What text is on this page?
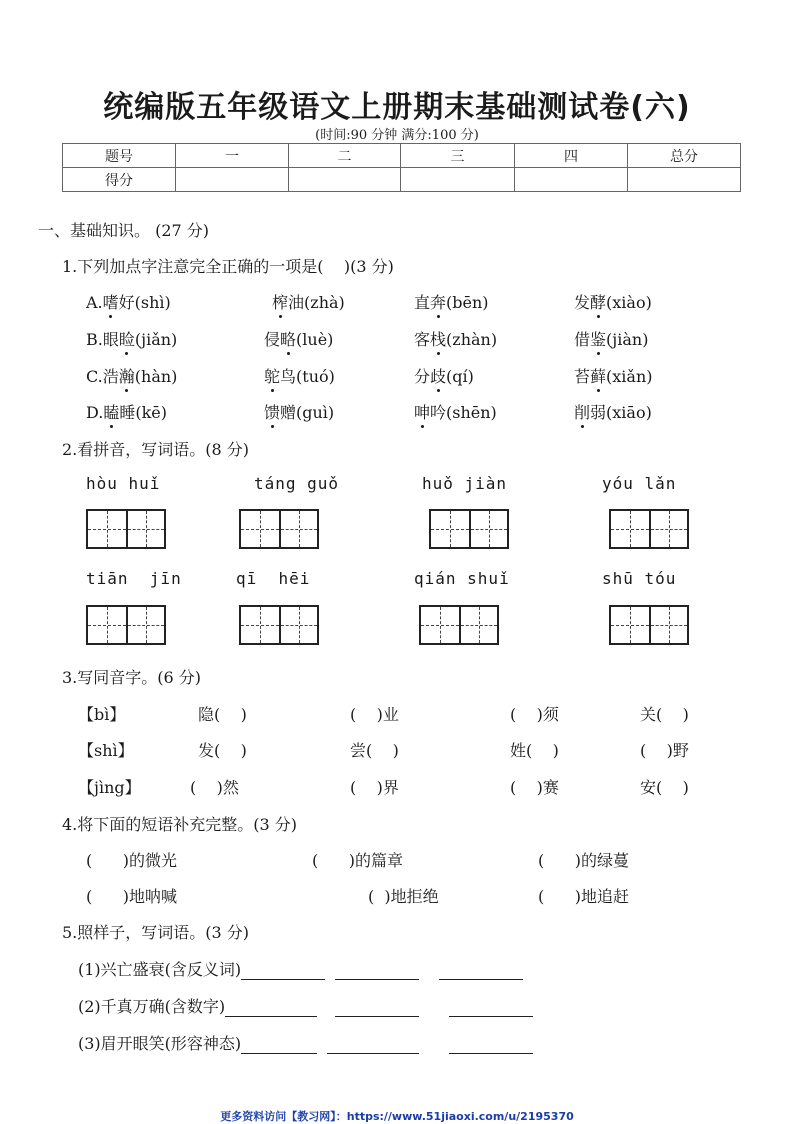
统编版五年级语文上册期末基础测试卷(六)
(时间:90 分钟 满分:100 分)
题号	一	二	三	四	总分
得分					
一、基础知识。 (27 分)
1.下列加点字注意完全正确的一项是(    )(3 分)
A.嗜好(shì)	榨油(zhà)	直奔(bēn)	发酵(xiào)
B.眼睑(jiǎn)	侵略(luè)	客栈(zhàn)	借鉴(jiàn)
C.浩瀚(hàn)	鸵鸟(tuó)	分歧(qí)	苔藓(xiǎn)
D.瞌睡(kē)	馈赠(guì)	呻吟(shēn)	削弱(xiāo)
2.看拼音，写词语。(8 分)
hòu huǐ	táng guǒ	huǒ jiàn	yóu lǎn
tiān  jīn	qī  hēi	qián shuǐ	shū tóu
3.写同音字。(6 分)
【bì】	隐(    )	(    )业	(    )须	关(    )
【shì】	发(    )	尝(    )	姓(    )	(    )野
【jìng】	(    )然	(    )界	(    )赛	安(    )
4.将下面的短语补充完整。(3 分)
(      )的微光	(      )的篇章	(      )的绿蔓
(      )地呐喊	(  )地拒绝	(      )地追赶
5.照样子，写词语。(3 分)
(1)兴亡盛衰(含反义词)
(2)千真万确(含数字)
(3)眉开眼笑(形容神态)
更多资料访问【教习网】：https://www.51jiaoxi.com/u/2195370
